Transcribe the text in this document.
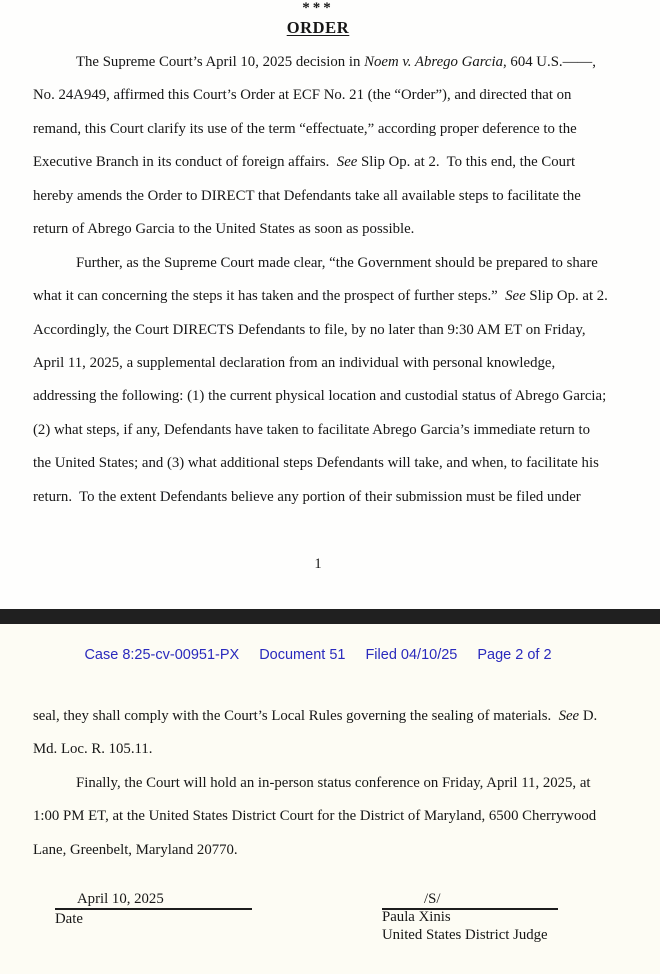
***
ORDER
The Supreme Court’s April 10, 2025 decision in Noem v. Abrego Garcia, 604 U.S.——,
No. 24A949, affirmed this Court’s Order at ECF No. 21 (the “Order”), and directed that on
remand, this Court clarify its use of the term “effectuate,” according proper deference to the
Executive Branch in its conduct of foreign affairs.  See Slip Op. at 2.  To this end, the Court
hereby amends the Order to DIRECT that Defendants take all available steps to facilitate the
return of Abrego Garcia to the United States as soon as possible.
Further, as the Supreme Court made clear, “the Government should be prepared to share
what it can concerning the steps it has taken and the prospect of further steps.”  See Slip Op. at 2.
Accordingly, the Court DIRECTS Defendants to file, by no later than 9:30 AM ET on Friday,
April 11, 2025, a supplemental declaration from an individual with personal knowledge,
addressing the following: (1) the current physical location and custodial status of Abrego Garcia;
(2) what steps, if any, Defendants have taken to facilitate Abrego Garcia’s immediate return to
the United States; and (3) what additional steps Defendants will take, and when, to facilitate his
return.  To the extent Defendants believe any portion of their submission must be filed under
1
Case 8:25-cv-00951-PX Document 51 Filed 04/10/25 Page 2 of 2
seal, they shall comply with the Court’s Local Rules governing the sealing of materials.  See D.
Md. Loc. R. 105.11.
Finally, the Court will hold an in-person status conference on Friday, April 11, 2025, at
1:00 PM ET, at the United States District Court for the District of Maryland, 6500 Cherrywood
Lane, Greenbelt, Maryland 20770.
April 10, 2025
Date
/S/
Paula Xinis
United States District Judge
